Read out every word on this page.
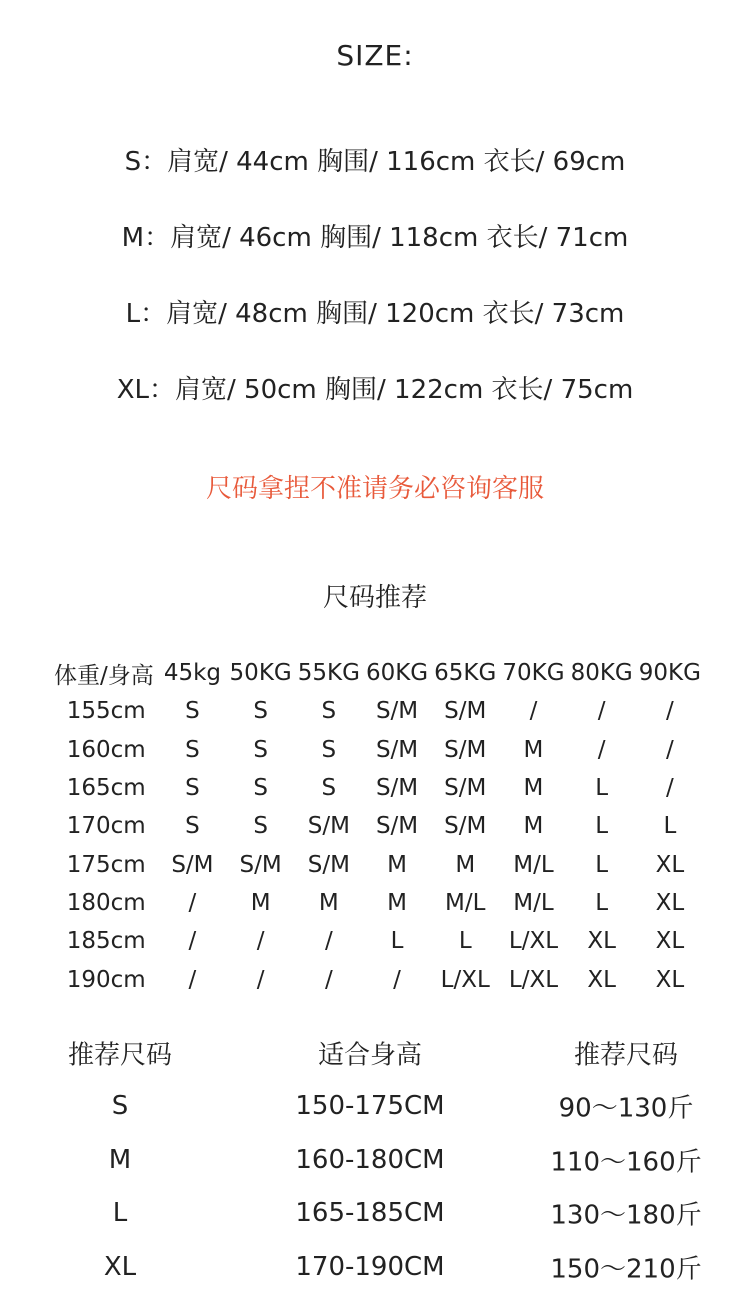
SIZE:
S：肩宽/ 44cm 胸围/ 116cm 衣长/ 69cm
M：肩宽/ 46cm 胸围/ 118cm 衣长/ 71cm
L：肩宽/ 48cm 胸围/ 120cm 衣长/ 73cm
XL：肩宽/ 50cm 胸围/ 122cm 衣长/ 75cm
尺码拿捏不准请务必咨询客服
尺码推荐
体重/身高 45kg 50KG 55KG 60KG 65KG 70KG 80KG 90KG
155cm	S	S	S	S/M	S/M	/	/	/
160cm	S	S	S	S/M	S/M	M	/	/
165cm	S	S	S	S/M	S/M	M	L	/
170cm	S	S	S/M	S/M	S/M	M	L	L
175cm	S/M	S/M	S/M	M	M	M/L	L	XL
180cm	/	M	M	M	M/L	M/L	L	XL
185cm	/	/	/	L	L	L/XL	XL	XL
190cm	/	/	/	/	L/XL L/XL	XL	XL
推荐尺码	适合身高	推荐尺码
S	150-175CM	90～130斤
M	160-180CM	110～160斤
L	165-185CM	130～180斤
XL	170-190CM	150～210斤
